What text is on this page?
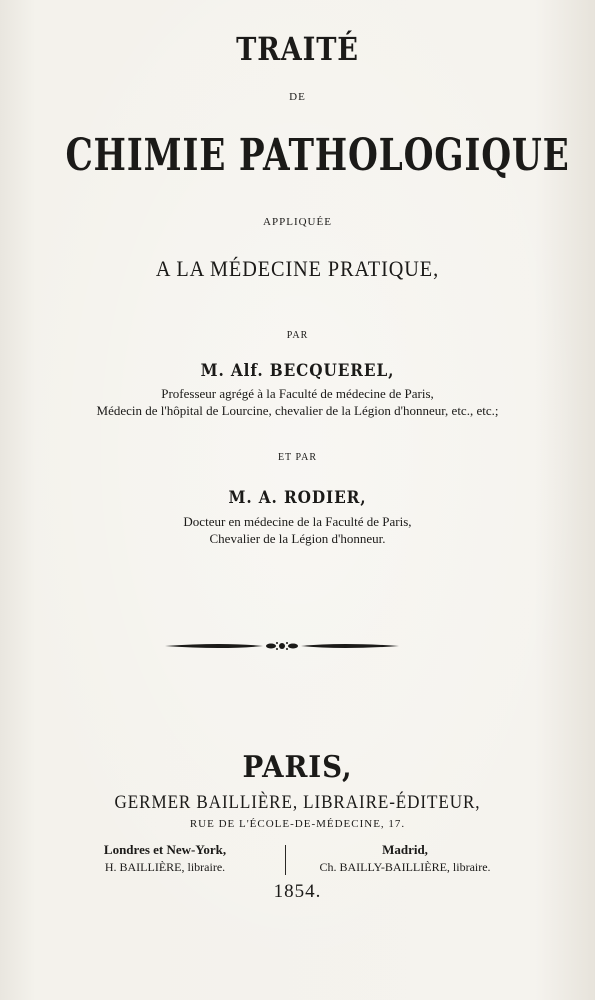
TRAITÉ
DE
CHIMIE PATHOLOGIQUE
APPLIQUÉE
A LA MÉDECINE PRATIQUE,
PAR
M. Alf. BECQUEREL,
Professeur agrégé à la Faculté de médecine de Paris,
Médecin de l'hôpital de Lourcine, chevalier de la Légion d'honneur, etc., etc.;
ET PAR
M. A. RODIER,
Docteur en médecine de la Faculté de Paris,
Chevalier de la Légion d'honneur.
PARIS,
GERMER BAILLIÈRE, LIBRAIRE-ÉDITEUR,
RUE DE L'ÉCOLE-DE-MÉDECINE, 17.
Londres et New-York,
H. BAILLIÈRE, libraire.
Madrid,
Ch. BAILLY-BAILLIÈRE, libraire.
1854.
